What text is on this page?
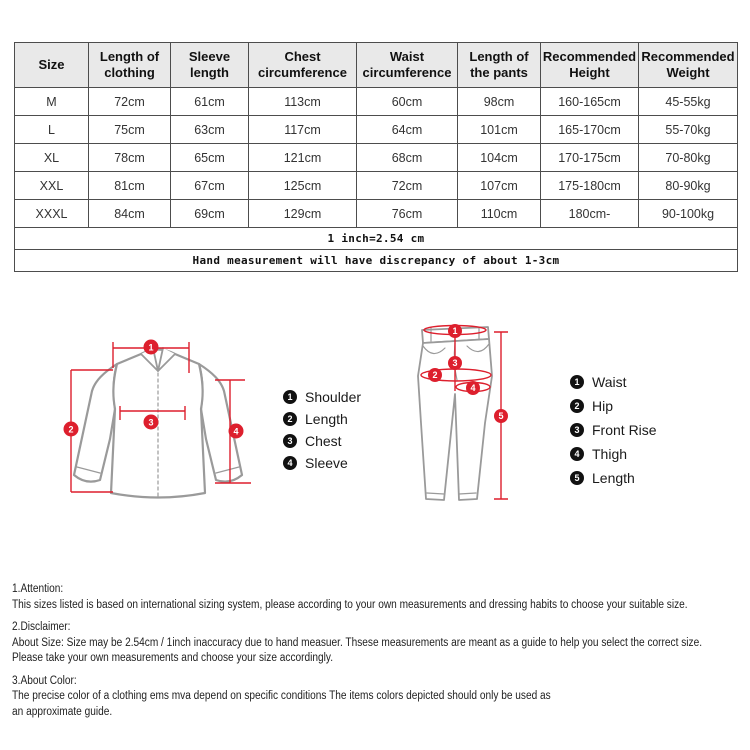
Size	Length of clothing	Sleeve length	Chest circumference	Waist circumference	Length of the pants	Recommended Height	Recommended Weight
M	72cm	61cm	113cm	60cm	98cm	160-165cm	45-55kg
L	75cm	63cm	117cm	64cm	101cm	165-170cm	55-70kg
XL	78cm	65cm	121cm	68cm	104cm	170-175cm	70-80kg
XXL	81cm	67cm	125cm	72cm	107cm	175-180cm	80-90kg
XXXL	84cm	69cm	129cm	76cm	110cm	180cm-	90-100kg
1 inch=2.54 cm							
Hand measurement will have discrepancy of about 1-3cm							
1
2
3
4
1
2
3
4
5
1 Shoulder
2 Length
3 Chest
4 Sleeve
1 Waist
2 Hip
3 Front Rise
4 Thigh
5 Length

1.Attention:

This sizes listed is based on international sizing system, please according to your own measurements and dressing habits to choose your suitable size.

2.Disclaimer:

About Size: Size may be 2.54cm / 1inch inaccuracy due to hand measuer. Thsese measurements are meant as a guide to help you select the correct size.

Please take your own measurements and choose your size accordingly.

3.About Color:

The precise color of a clothing ems mva depend on specific conditions The items colors depicted should only be used as

an approximate guide.
